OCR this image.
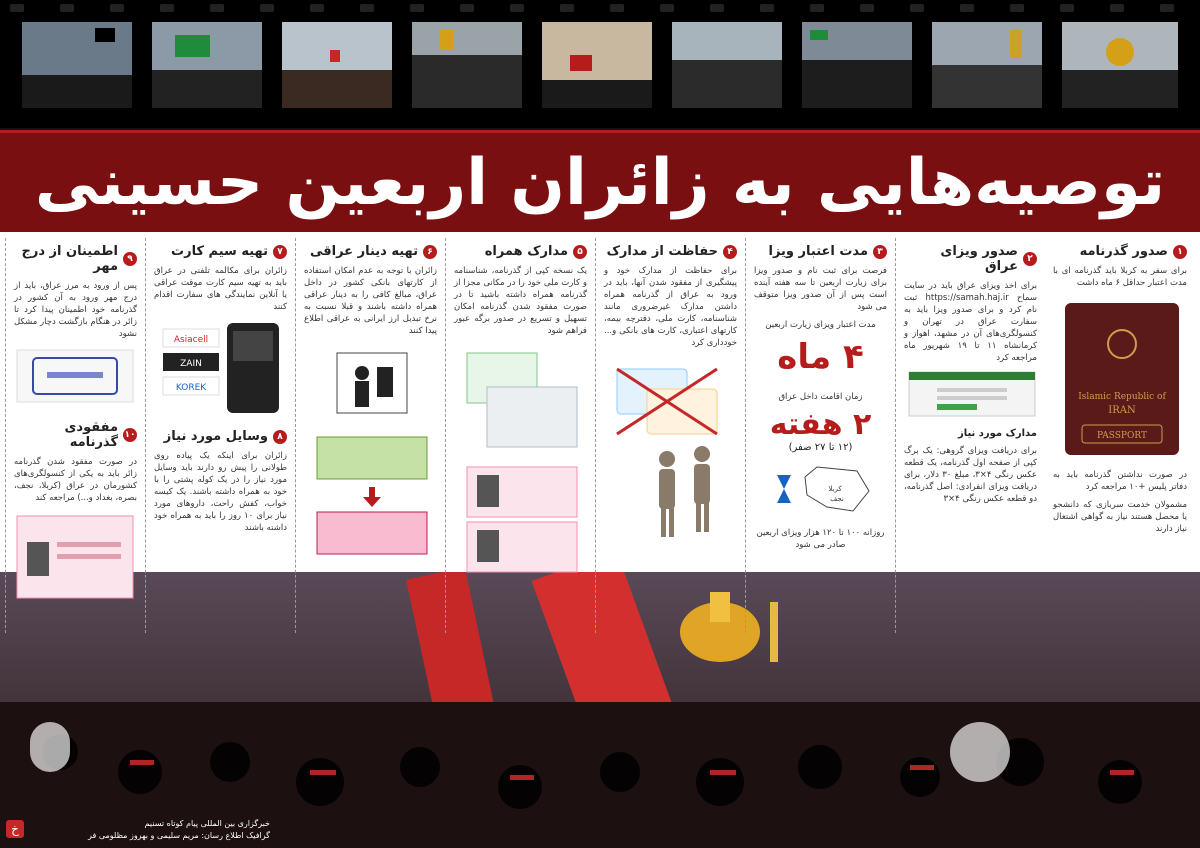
توصیه‌هایی به زائران اربعین حسینی
۱
صدور گذرنامه
برای سفر به کربلا باید گذرنامه ای با مدت اعتبار حداقل ۶ ماه داشت
Islamic Republic of
IRAN
PASSPORT
در صورت نداشتن گذرنامه باید به دفاتر پلیس +۱۰ مراجعه کرد
مشمولان خدمت سربازی که دانشجو یا محصل هستند نیاز به گواهی اشتغال نیاز دارند
۲
صدور ویزای عراق
برای اخذ ویزای عراق باید در سایت سماح https://samah.haj.ir ثبت نام کرد و برای صدور ویزا باید به سفارت عراق در تهران و کنسولگری‌های آن در مشهد، اهواز و کرمانشاه ۱۱ تا ۱۹ شهریور ماه مراجعه کرد
مدارک مورد نیاز
برای دریافت ویزای گروهی: یک برگ کپی از صفحه اول گذرنامه، یک قطعه عکس رنگی ۴×۳، مبلغ ۳۰ دلار، برای دریافت ویزای انفرادی: اصل گذرنامه، دو قطعه عکس رنگی ۴×۳
۳
مدت اعتبار ویزا
فرصت برای ثبت نام و صدور ویزا برای زیارت اربعین تا سه هفته آینده است پس از آن صدور ویزا متوقف می شود
مدت اعتبار ویزای زیارت اربعین
۴ ماه
زمان اقامت داخل عراق
۲ هفته
(۱۲ تا ۲۷ صفر)
کربلا
نجف
روزانه ۱۰۰ تا ۱۲۰ هزار ویزای اربعین صادر می شود
۴
حفاظت از مدارک
برای حفاظت از مدارک خود و پیشگیری از مفقود شدن آنها، باید در ورود به عراق از گذرنامه همراه داشتن مدارک غیرضروری مانند شناسنامه، کارت ملی، دفترچه بیمه، کارتهای اعتباری، کارت های بانکی و... خودداری کرد
۵
مدارک همراه
یک نسخه کپی از گذرنامه، شناسنامه و کارت ملی خود را در مکانی مجزا از گذرنامه همراه داشته باشید تا در صورت مفقود شدن گذرنامه امکان تسهیل و تسریع در صدور برگه عبور فراهم شود
۶
تهیه دینار عراقی
زائران با توجه به عدم امکان استفاده از کارتهای بانکی کشور در داخل عراق، مبالغ کافی را به دینار عراقی همراه داشته باشند و قبلا نسبت به نرخ تبدیل ارز ایرانی به عراقی اطلاع پیدا کنند
۷
تهیه سیم کارت
زائران برای مکالمه تلفنی در عراق باید به تهیه سیم کارت موقت عراقی یا آنلاین نمایندگی های سفارت اقدام کنند
Asiacell
ZAIN
KOREK
۸
وسایل مورد نیاز
زائران برای اینکه یک پیاده روی طولانی را پیش رو دارند باید وسایل مورد نیاز را در یک کوله پشتی را با خود به همراه داشته باشند. یک کیسه خواب، کفش راحت، داروهای مورد نیاز برای ۱۰ روز را باید به همراه خود داشته باشند
۹
اطمینان از درج مهر
پس از ورود به مرز عراق، باید از درج مهر ورود به آن کشور در گذرنامه خود اطمینان پیدا کرد تا زائر در هنگام بازگشت دچار مشکل نشود
۱۰
مفقودی گذرنامه
در صورت مفقود شدن گذرنامه زائر باید به یکی از کنسولگری‌های کشورمان در عراق (کربلا، نجف، بصره، بغداد و...) مراجعه کند
خبرگزاری بین المللی پیام کوتاه تسنیم
گرافیک اطلاع رسان: مریم سلیمی و بهروز مظلومی فر
خ
